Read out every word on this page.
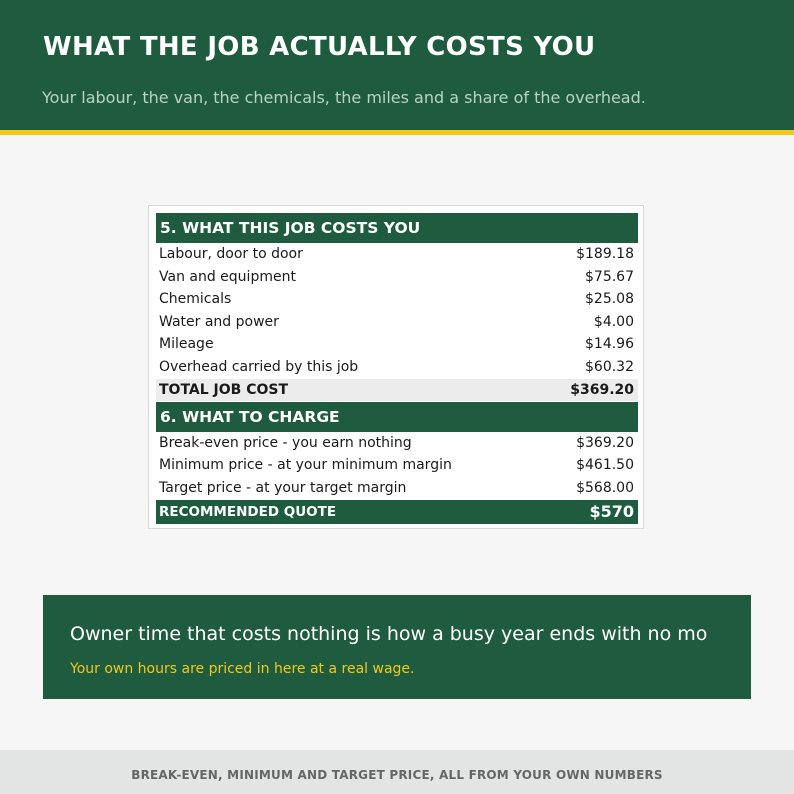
WHAT THE JOB ACTUALLY COSTS YOU
Your labour, the van, the chemicals, the miles and a share of the overhead.
5. WHAT THIS JOB COSTS YOU
Labour, door to door	$189.18
Van and equipment	$75.67
Chemicals	$25.08
Water and power	$4.00
Mileage	$14.96
Overhead carried by this job	$60.32
TOTAL JOB COST	$369.20
6. WHAT TO CHARGE
Break-even price - you earn nothing	$369.20
Minimum price - at your minimum margin	$461.50
Target price - at your target margin	$568.00
RECOMMENDED QUOTE	$570
Owner time that costs nothing is how a busy year ends with no mo
Your own hours are priced in here at a real wage.
BREAK-EVEN, MINIMUM AND TARGET PRICE, ALL FROM YOUR OWN NUMBERS
